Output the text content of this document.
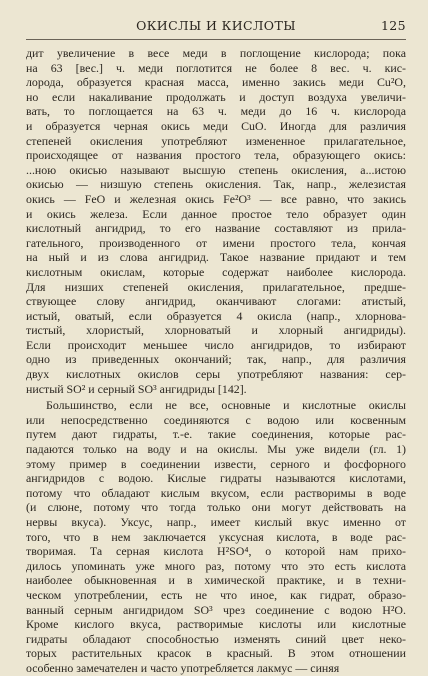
ОКИСЛЫ И КИСЛОТЫ	125
дит увеличение в весе меди в поглощение кислорода; пока
на 63 [вес.] ч. меди поглотится не более 8 вес. ч. кис-
лорода, образуется красная масса, именно закись меди Cu²O,
но если накаливание продолжать и доступ воздуха увеличи-
вать, то поглощается на 63 ч. меди до 16 ч. кислорода
и образуется черная окись меди CuO. Иногда для различия
степеней окисления употребляют измененное прилагательное,
происходящее от названия простого тела, образующего окись:
...ною окисью называют высшую степень окисления, а...истою
окисью — низшую степень окисления. Так, напр., железистая
окись — FeO и железная окись Fe²O³ — все равно, что закись
и окись железа. Если данное простое тело образует один
кислотный ангидрид, то его название составляют из прила-
гательного, производенного от имени простого тела, кончая
на ный и из слова ангидрид. Такое название придают и тем
кислотным окислам, которые содержат наиболее кислорода.
Для низших степеней окисления, прилагательное, предше-
ствующее слову ангидрид, оканчивают слогами: атистый,
истый, оватый, если образуется 4 окисла (напр., хлорнова-
тистый, хлористый, хлорноватый и хлорный ангидриды).
Если происходит меньшее число ангидридов, то избирают
одно из приведенных окончаний; так, напр., для различия
двух кислотных окислов серы употребляют названия: сер-
нистый SO² и серный SO³ ангидриды [142].
Большинство, если не все, основные и кислотные окислы
или непосредственно соединяются с водою или косвенным
путем дают гидраты, т.-е. такие соединения, которые рас-
падаются только на воду и на окислы. Мы уже видели (гл. 1)
этому пример в соединении извести, серного и фосфорного
ангидридов с водою. Кислые гидраты называются кислотами,
потому что обладают кислым вкусом, если растворимы в воде
(и слюне, потому что тогда только они могут действовать на
нервы вкуса). Уксус, напр., имеет кислый вкус именно от
того, что в нем заключается уксусная кислота, в воде рас-
творимая. Та серная кислота H²SO⁴, о которой нам прихо-
дилось упоминать уже много раз, потому что это есть кислота
наиболее обыкновенная и в химической практике, и в техни-
ческом употреблении, есть не что иное, как гидрат, образо-
ванный серным ангидридом SO³ чрез соединение с водою H²O.
Кроме кислого вкуса, растворимые кислоты или кислотные
гидраты обладают способностью изменять синий цвет неко-
торых растительных красок в красный. В этом отношении
особенно замечателен и часто употребляется лакмус — синяя
